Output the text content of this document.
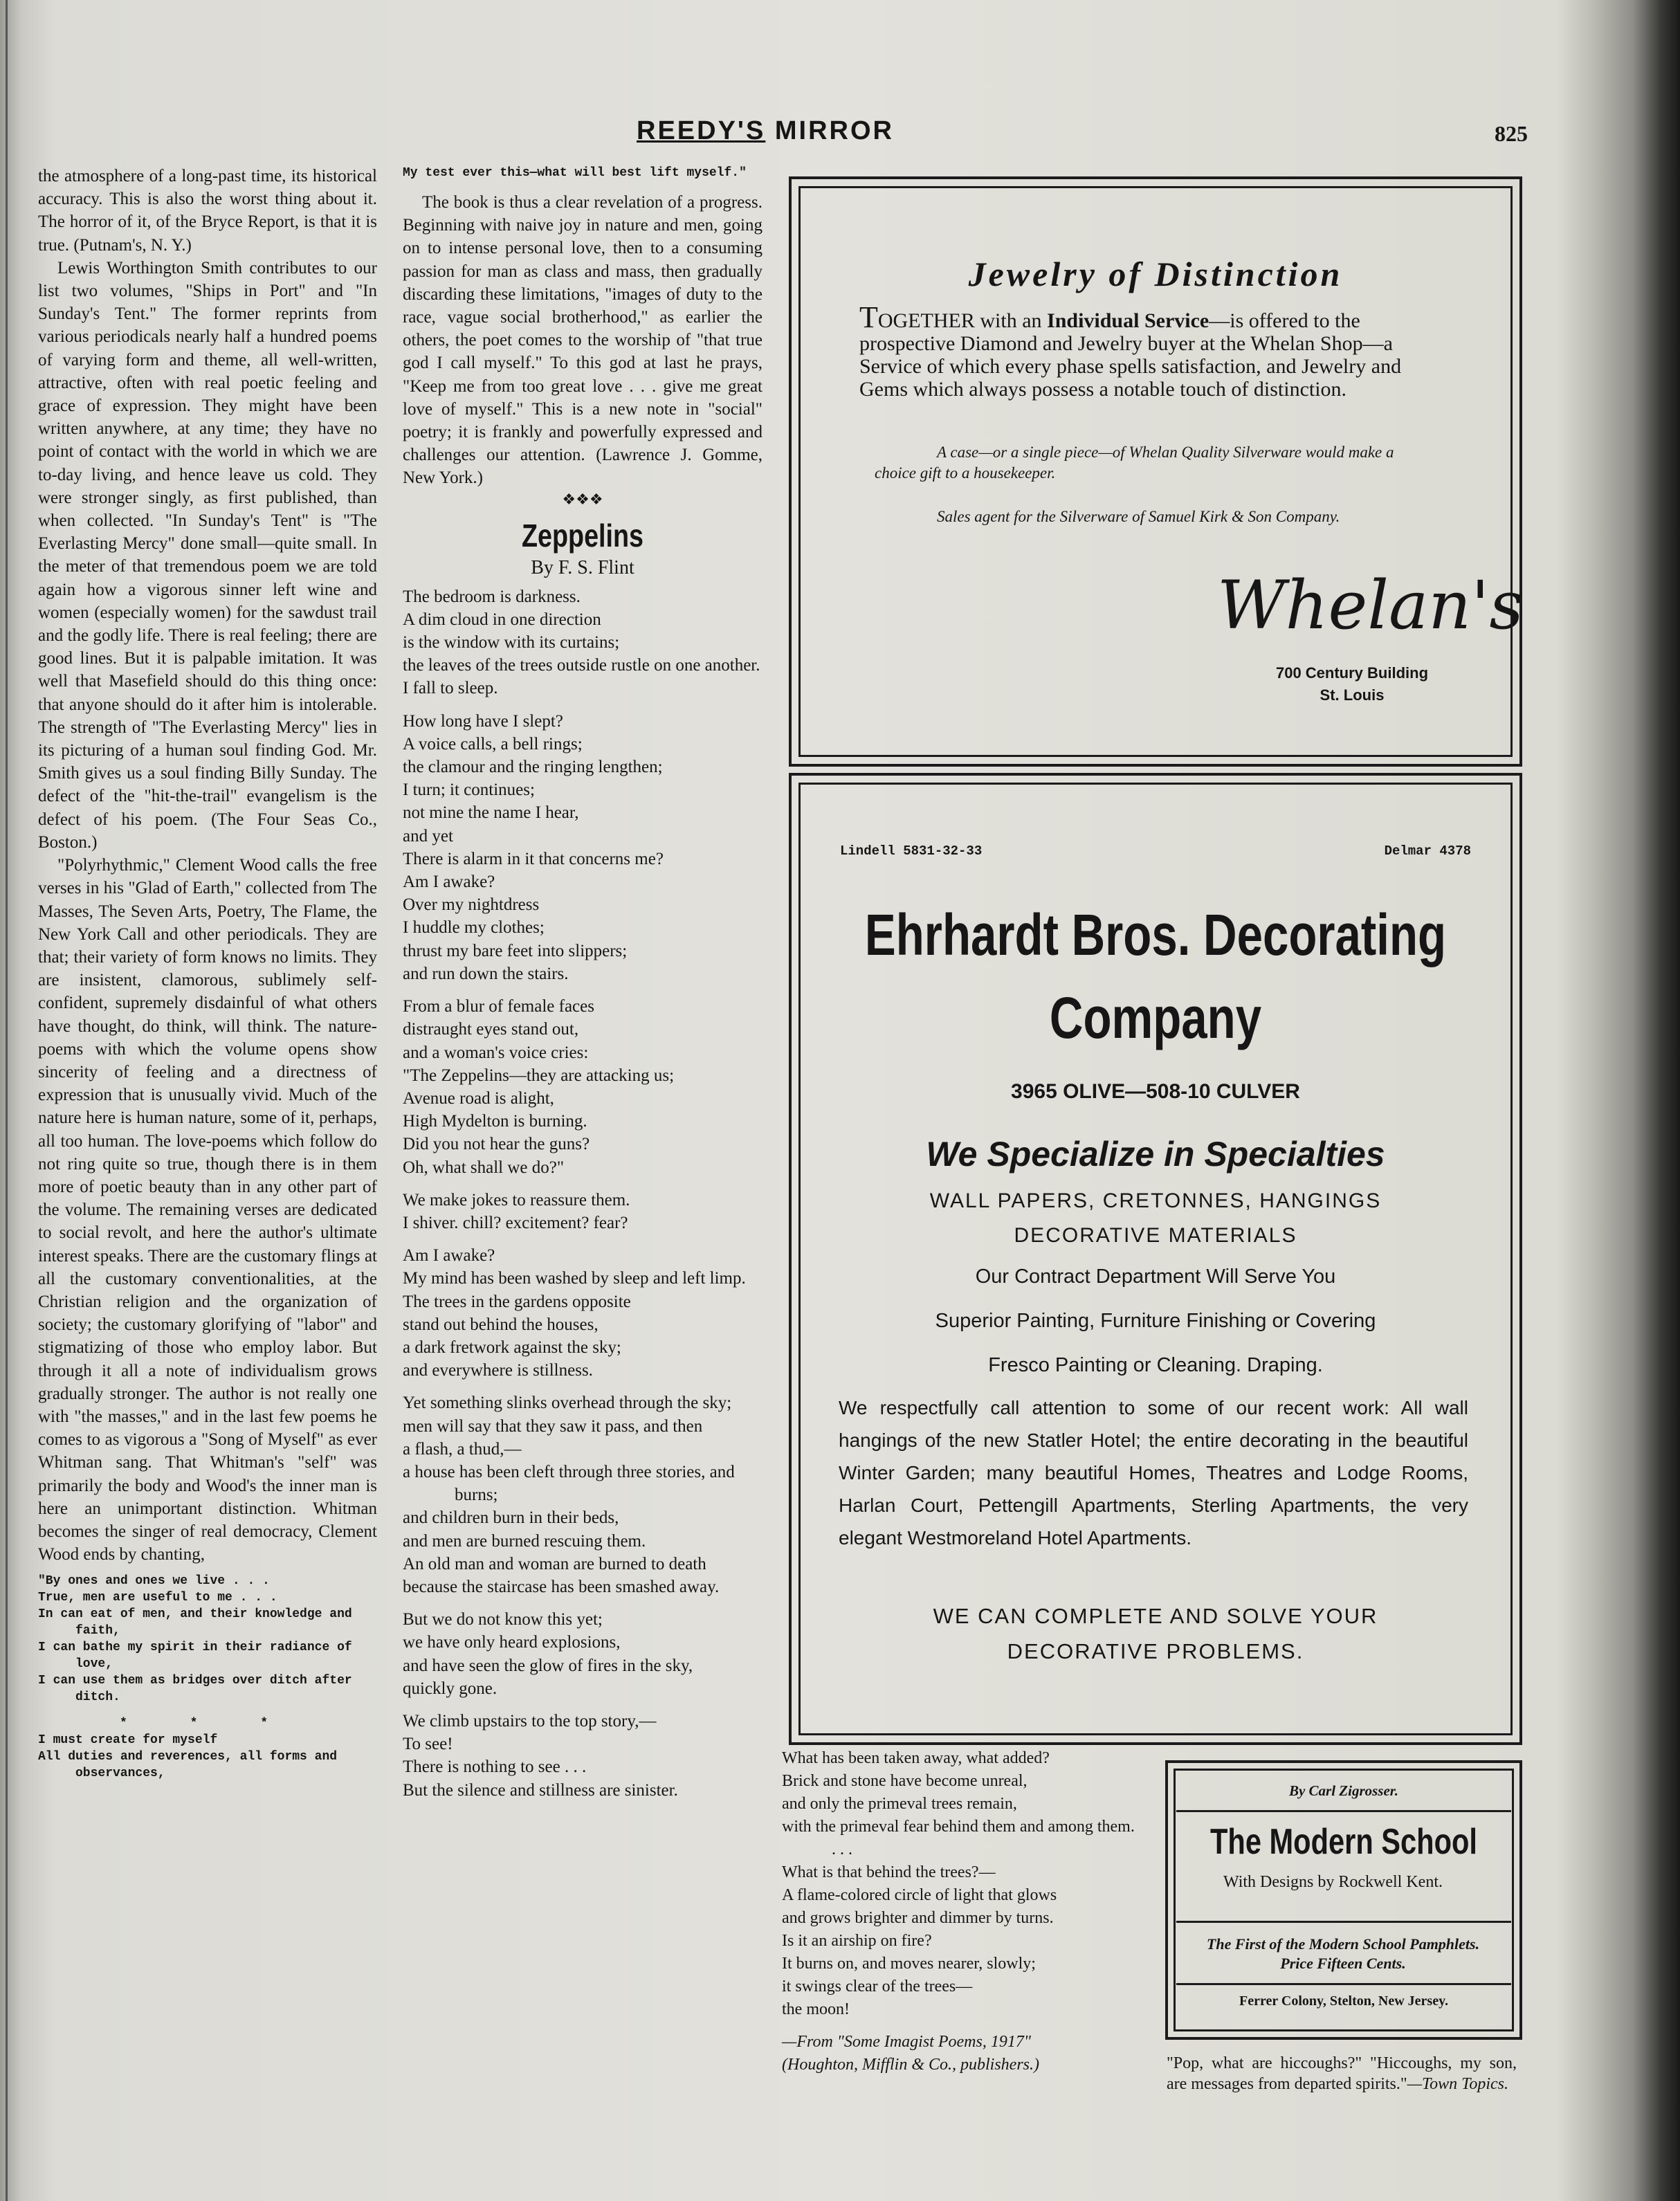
REEDY'S MIRROR	825

the atmosphere of a long-past time, its historical accuracy. This is also the worst thing about it. The horror of it, of the Bryce Report, is that it is true. (Putnam's, N. Y.)

Lewis Worthington Smith contributes to our list two volumes, "Ships in Port" and "In Sunday's Tent." The former reprints from various periodicals nearly half a hundred poems of varying form and theme, all well-written, attractive, often with real poetic feeling and grace of expression. They might have been written anywhere, at any time; they have no point of contact with the world in which we are to-day living, and hence leave us cold. They were stronger singly, as first published, than when collected. "In Sunday's Tent" is "The Everlasting Mercy" done small—quite small. In the meter of that tremendous poem we are told again how a vigorous sinner left wine and women (especially women) for the sawdust trail and the godly life. There is real feeling; there are good lines. But it is palpable imitation. It was well that Masefield should do this thing once: that anyone should do it after him is intolerable. The strength of "The Everlasting Mercy" lies in its picturing of a human soul finding God. Mr. Smith gives us a soul finding Billy Sunday. The defect of the "hit-the-trail" evangelism is the defect of his poem. (The Four Seas Co., Boston.)

"Polyrhythmic," Clement Wood calls the free verses in his "Glad of Earth," collected from The Masses, The Seven Arts, Poetry, The Flame, the New York Call and other periodicals. They are that; their variety of form knows no limits. They are insistent, clamorous, sublimely self-confident, supremely disdainful of what others have thought, do think, will think. The nature-poems with which the volume opens show sincerity of feeling and a directness of expression that is unusually vivid. Much of the nature here is human nature, some of it, perhaps, all too human. The love-poems which follow do not ring quite so true, though there is in them more of poetic beauty than in any other part of the volume. The remaining verses are dedicated to social revolt, and here the author's ultimate interest speaks. There are the customary flings at all the customary conventionalities, at the Christian religion and the organization of society; the customary glorifying of "labor" and stigmatizing of those who employ labor. But through it all a note of individualism grows gradually stronger. The author is not really one with "the masses," and in the last few poems he comes to as vigorous a "Song of Myself" as ever Whitman sang. That Whitman's "self" was primarily the body and Wood's the inner man is here an unimportant distinction. Whitman becomes the singer of real democracy, Clement Wood ends by chanting,

"By ones and ones we live . . .
True, men are useful to me . . .
In can eat of men, and their knowledge and faith,
I can bathe my spirit in their radiance of love,
I can use them as bridges over ditch after ditch.
* * *
I must create for myself
All duties and reverences, all forms and observances,
My test ever this—what will best lift myself."

The book is thus a clear revelation of a progress. Beginning with naive joy in nature and men, going on to intense personal love, then to a consuming passion for man as class and mass, then gradually discarding these limitations, "images of duty to the race, vague social brotherhood," as earlier the others, the poet comes to the worship of "that true god I call myself." To this god at last he prays, "Keep me from too great love . . . give me great love of myself." This is a new note in "social" poetry; it is frankly and powerfully expressed and challenges our attention. (Lawrence J. Gomme, New York.)

❖❖❖
Zeppelins
By F. S. Flint
The bedroom is darkness.
A dim cloud in one direction
is the window with its curtains;
the leaves of the trees outside rustle on one another.
I fall to sleep.
How long have I slept?
A voice calls, a bell rings;
the clamour and the ringing lengthen;
I turn; it continues;
not mine the name I hear,
and yet
There is alarm in it that concerns me?
Am I awake?
Over my nightdress
I huddle my clothes;
thrust my bare feet into slippers;
and run down the stairs.
From a blur of female faces
distraught eyes stand out,
and a woman's voice cries:
"The Zeppelins—they are attacking us;
Avenue road is alight,
High Mydelton is burning.
Did you not hear the guns?
Oh, what shall we do?"
We make jokes to reassure them.
I shiver. chill? excitement? fear?
Am I awake?
My mind has been washed by sleep and left limp.
The trees in the gardens opposite
stand out behind the houses,
a dark fretwork against the sky;
and everywhere is stillness.
Yet something slinks overhead through the sky;
men will say that they saw it pass, and then
a flash, a thud,—
a house has been cleft through three stories, and burns;
and children burn in their beds,
and men are burned rescuing them.
An old man and woman are burned to death
because the staircase has been smashed away.
But we do not know this yet;
we have only heard explosions,
and have seen the glow of fires in the sky,
quickly gone.
We climb upstairs to the top story,—
To see!
There is nothing to see . . .
But the silence and stillness are sinister.
What has been taken away, what added?
Brick and stone have become unreal,
and only the primeval trees remain,
with the primeval fear behind them and among them. . . .
What is that behind the trees?—
A flame-colored circle of light that glows
and grows brighter and dimmer by turns.
Is it an airship on fire?
It burns on, and moves nearer, slowly;
it swings clear of the trees—
the moon!
—From "Some Imagist Poems, 1917"
(Houghton, Mifflin & Co., publishers.)
Jewelry of Distinction
TOGETHER with an Individual Service—is offered to the prospective Diamond and Jewelry buyer at the Whelan Shop—a Service of which every phase spells satisfaction, and Jewelry and Gems which always possess a notable touch of distinction.
A case—or a single piece—of Whelan Quality Silverware would make a choice gift to a housekeeper.
Sales agent for the Silverware of Samuel Kirk & Son Company.
Whelan's
700 Century Building
St. Louis
Lindell 5831-32-33	Delmar 4378
Ehrhardt Bros. Decorating
Company
3965 OLIVE—508-10 CULVER
We Specialize in Specialties
WALL PAPERS, CRETONNES, HANGINGS
DECORATIVE MATERIALS
Our Contract Department Will Serve You
Superior Painting, Furniture Finishing or Covering
Fresco Painting or Cleaning. Draping.
We respectfully call attention to some of our recent work: All wall hangings of the new Statler Hotel; the entire decorating in the beautiful Winter Garden; many beautiful Homes, Theatres and Lodge Rooms, Harlan Court, Pettengill Apartments, Sterling Apartments, the very elegant Westmoreland Hotel Apartments.
WE CAN COMPLETE AND SOLVE YOUR
DECORATIVE PROBLEMS.
By Carl Zigrosser.
The Modern School
With Designs by Rockwell Kent.
The First of the Modern School Pamphlets. Price Fifteen Cents.
Ferrer Colony, Stelton, New Jersey.
"Pop, what are hiccoughs?" "Hiccoughs, my son, are messages from departed spirits."—Town Topics.
